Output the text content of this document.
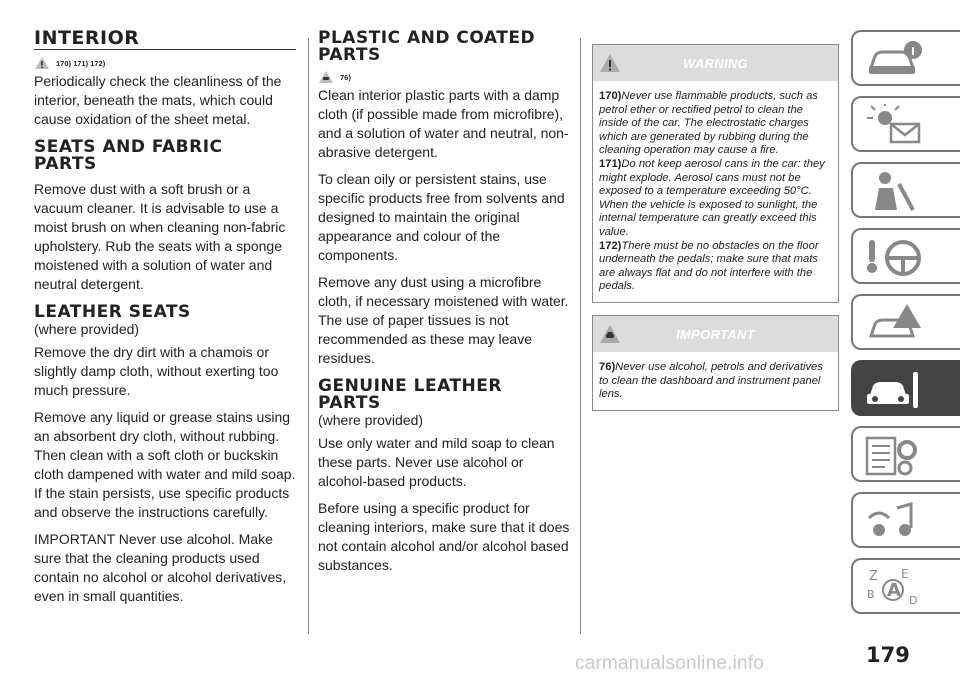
INTERIOR
170) 171) 172)

Periodically check the cleanliness of the interior, beneath the mats, which could cause oxidation of the sheet metal.

SEATS AND FABRIC
PARTS

Remove dust with a soft brush or a vacuum cleaner. It is advisable to use a moist brush on when cleaning non-fabric upholstery. Rub the seats with a sponge moistened with a solution of water and neutral detergent.

LEATHER SEATS
(where provided)

Remove the dry dirt with a chamois or slightly damp cloth, without exerting too much pressure.

Remove any liquid or grease stains using an absorbent dry cloth, without rubbing. Then clean with a soft cloth or buckskin cloth dampened with water and mild soap. If the stain persists, use specific products and observe the instructions carefully.

IMPORTANT Never use alcohol. Make sure that the cleaning products used contain no alcohol or alcohol derivatives, even in small quantities.

PLASTIC AND COATED
PARTS
76)

Clean interior plastic parts with a damp cloth (if possible made from microfibre), and a solution of water and neutral, non-abrasive detergent.

To clean oily or persistent stains, use specific products free from solvents and designed to maintain the original appearance and colour of the components.

Remove any dust using a microfibre cloth, if necessary moistened with water. The use of paper tissues is not recommended as these may leave residues.

GENUINE LEATHER
PARTS
(where provided)

Use only water and mild soap to clean these parts. Never use alcohol or alcohol-based products.

Before using a specific product for cleaning interiors, make sure that it does not contain alcohol and/or alcohol based substances.

WARNING
170)Never use flammable products, such as petrol ether or rectified petrol to clean the inside of the car. The electrostatic charges which are generated by rubbing during the cleaning operation may cause a fire.
171)Do not keep aerosol cans in the car: they might explode. Aerosol cans must not be exposed to a temperature exceeding 50°C. When the vehicle is exposed to sunlight, the internal temperature can greatly exceed this value.
172)There must be no obstacles on the floor underneath the pedals; make sure that mats are always flat and do not interfere with the pedals.
IMPORTANT
76)Never use alcohol, petrols and derivatives to clean the dashboard and instrument panel lens.
Z E
B A D
179
carmanualsonline.info
